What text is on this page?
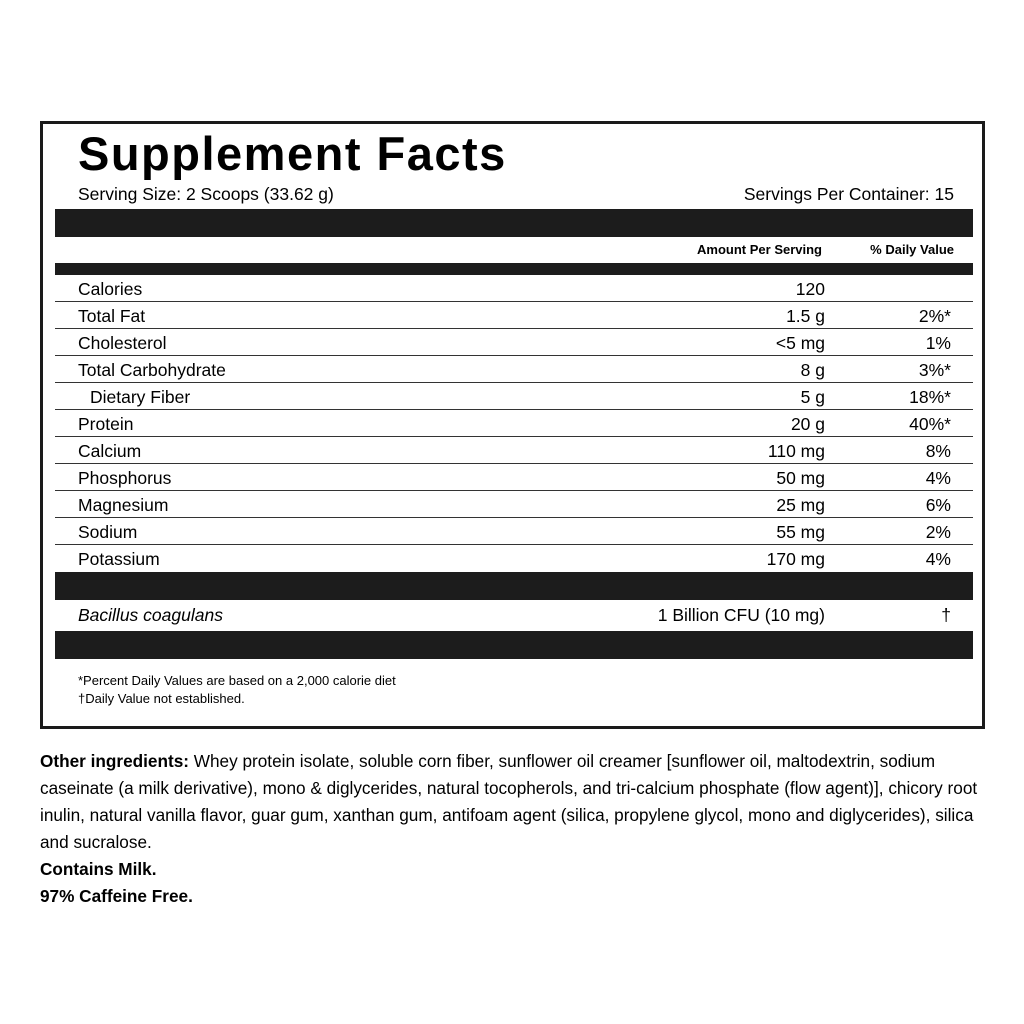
Supplement Facts
Serving Size: 2 Scoops (33.62 g)	Servings Per Container: 15
Amount Per Serving	% Daily Value
Calories	120
Total Fat	1.5 g	2%*
Cholesterol	<5 mg	1%
Total Carbohydrate	8 g	3%*
Dietary Fiber	5 g	18%*
Protein	20 g	40%*
Calcium	110 mg	8%
Phosphorus	50 mg	4%
Magnesium	25 mg	6%
Sodium	55 mg	2%
Potassium	170 mg	4%
Bacillus coagulans	1 Billion CFU (10 mg)	†
*Percent Daily Values are based on a 2,000 calorie diet
†Daily Value not established.
Other ingredients: Whey protein isolate, soluble corn fiber, sunflower oil creamer [sunflower oil, maltodextrin, sodium caseinate (a milk derivative), mono & diglycerides, natural tocopherols, and tri-calcium phosphate (flow agent)], chicory root inulin, natural vanilla flavor, guar gum, xanthan gum, antifoam agent (silica, propylene glycol, mono and diglycerides), silica and sucralose.
Contains Milk.
97% Caffeine Free.
